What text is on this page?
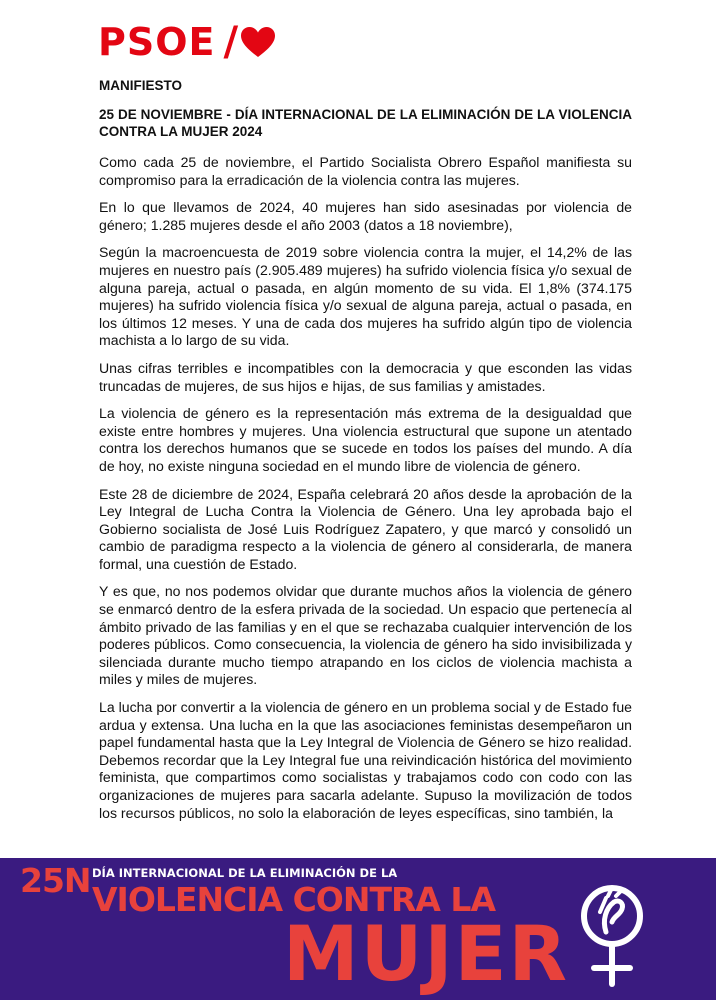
PSOE /

MANIFIESTO

25 DE NOVIEMBRE - DÍA INTERNACIONAL DE LA ELIMINACIÓN DE LA VIOLENCIA CONTRA LA MUJER 2024

Como cada 25 de noviembre, el Partido Socialista Obrero Español manifiesta su compromiso para la erradicación de la violencia contra las mujeres.

En lo que llevamos de 2024, 40 mujeres han sido asesinadas por violencia de género; 1.285 mujeres desde el año 2003 (datos a 18 noviembre),

Según la macroencuesta de 2019 sobre violencia contra la mujer, el 14,2% de las mujeres en nuestro país (2.905.489 mujeres) ha sufrido violencia física y/o sexual de alguna pareja, actual o pasada, en algún momento de su vida. El 1,8% (374.175 mujeres) ha sufrido violencia física y/o sexual de alguna pareja, actual o pasada, en los últimos 12 meses. Y una de cada dos mujeres ha sufrido algún tipo de violencia machista a lo largo de su vida.

Unas cifras terribles e incompatibles con la democracia y que esconden las vidas truncadas de mujeres, de sus hijos e hijas, de sus familias y amistades.

La violencia de género es la representación más extrema de la desigualdad que existe entre hombres y mujeres. Una violencia estructural que supone un atentado contra los derechos humanos que se sucede en todos los países del mundo. A día de hoy, no existe ninguna sociedad en el mundo libre de violencia de género.

Este 28 de diciembre de 2024, España celebrará 20 años desde la aprobación de la Ley Integral de Lucha Contra la Violencia de Género. Una ley aprobada bajo el Gobierno socialista de José Luis Rodríguez Zapatero, y que marcó y consolidó un cambio de paradigma respecto a la violencia de género al considerarla, de manera formal, una cuestión de Estado.

Y es que, no nos podemos olvidar que durante muchos años la violencia de género se enmarcó dentro de la esfera privada de la sociedad. Un espacio que pertenecía al ámbito privado de las familias y en el que se rechazaba cualquier intervención de los poderes públicos. Como consecuencia, la violencia de género ha sido invisibilizada y silenciada durante mucho tiempo atrapando en los ciclos de violencia machista a miles y miles de mujeres.

La lucha por convertir a la violencia de género en un problema social y de Estado fue ardua y extensa. Una lucha en la que las asociaciones feministas desempeñaron un papel fundamental hasta que la Ley Integral de Violencia de Género se hizo realidad. Debemos recordar que la Ley Integral fue una reivindicación histórica del movimiento feminista, que compartimos como socialistas y trabajamos codo con codo con las organizaciones de mujeres para sacarla adelante. Supuso la movilización de todos los recursos públicos, no solo la elaboración de leyes específicas, sino también, la

25N DÍA INTERNACIONAL DE LA ELIMINACIÓN DE LA
VIOLENCIA CONTRA LA
MUJER
